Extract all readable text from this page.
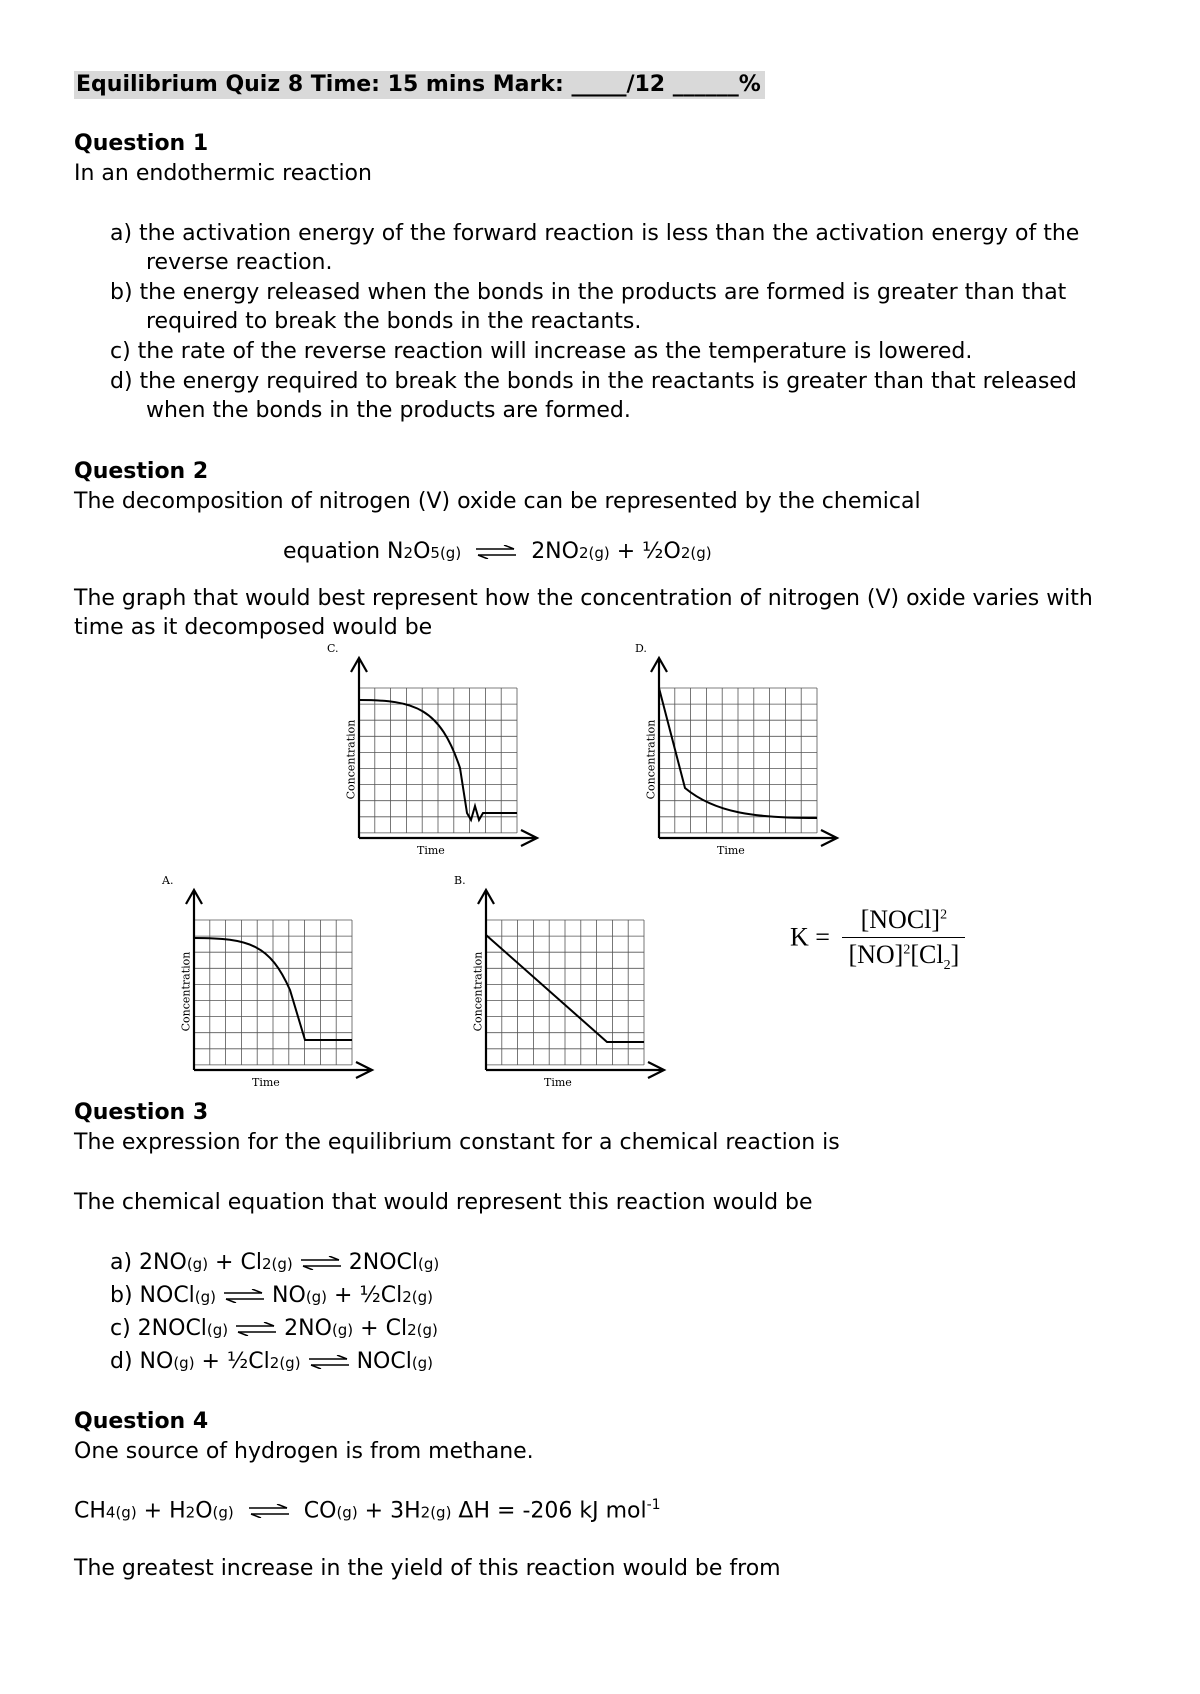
Equilibrium Quiz 8 Time: 15 mins Mark: _____/12 ______%
Question 1
In an endothermic reaction
a) the activation energy of the forward reaction is less than the activation energy of the
reverse reaction.
b) the energy released when the bonds in the products are formed is greater than that
required to break the bonds in the reactants.
c) the rate of the reverse reaction will increase as the temperature is lowered.
d) the energy required to break the bonds in the reactants is greater than that released
when the bonds in the products are formed.
Question 2
The decomposition of nitrogen (V) oxide can be represented by the chemical
equation N2O5(g) ⇌ 2NO2(g) + ½O2(g)
The graph that would best represent how the concentration of nitrogen (V) oxide varies with
time as it decomposed would be
C.
Concentration
Time
D.
Concentration
Time
A.
Concentration
Time
B.
Concentration
Time
$K = \frac{[NOCl]^2}{[NO]^2[Cl_2]}$
Question 3
The expression for the equilibrium constant for a chemical reaction is
The chemical equation that would represent this reaction would be
a) 2NO(g) + Cl2(g) ⇌ 2NOCl(g)
b) NOCl(g) ⇌ NO(g) + ½Cl2(g)
c) 2NOCl(g) ⇌ 2NO(g) + Cl2(g)
d) NO(g) + ½Cl2(g) ⇌ NOCl(g)
Question 4
One source of hydrogen is from methane.
CH4(g) + H2O(g) ⇌ CO(g) + 3H2(g) ΔH = -206 kJ mol$^{-1}$
The greatest increase in the yield of this reaction would be from
